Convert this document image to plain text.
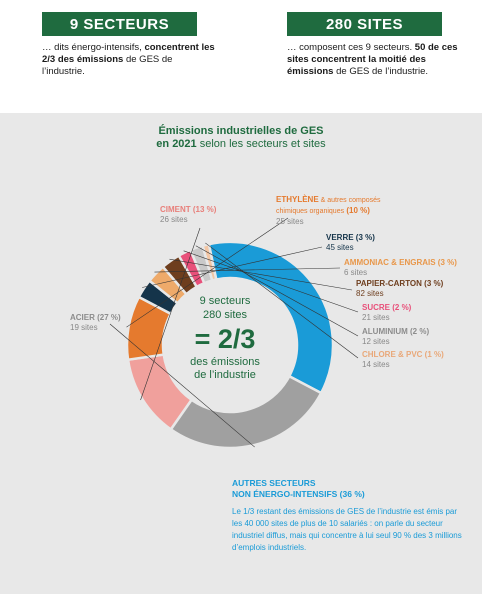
9 SECTEURS	280 SITES
… dits énergo-intensifs, concentrent les 2/3 des émissions de GES de l’industrie.
… composent ces 9 secteurs. 50 de ces sites concentrent la moitié des émissions de GES de l’industrie.
Émissions industrielles de GES
en 2021 selon les secteurs et sites
9 secteurs
280 sites
= 2/3
des émissions
de l’industrie
CIMENT (13 %)
26 sites
ETHYLÈNE & autres composés chimiques organiques (10 %)
25 sites
VERRE (3 %)
45 sites
AMMONIAC & ENGRAIS (3 %)
6 sites
PAPIER-CARTON (3 %)
82 sites
SUCRE (2 %)
21 sites
ALUMINIUM (2 %)
12 sites
CHLORE & PVC (1 %)
14 sites
ACIER (27 %)
19 sites
AUTRES SECTEURS
NON ÉNERGO-INTENSIFS (36 %)
Le 1/3 restant des émissions de GES de l’industrie est émis par les 40 000 sites de plus de 10 salariés : on parle du secteur industriel diffus, mais qui concentre à lui seul 90 % des 3 millions d’emplois industriels.
